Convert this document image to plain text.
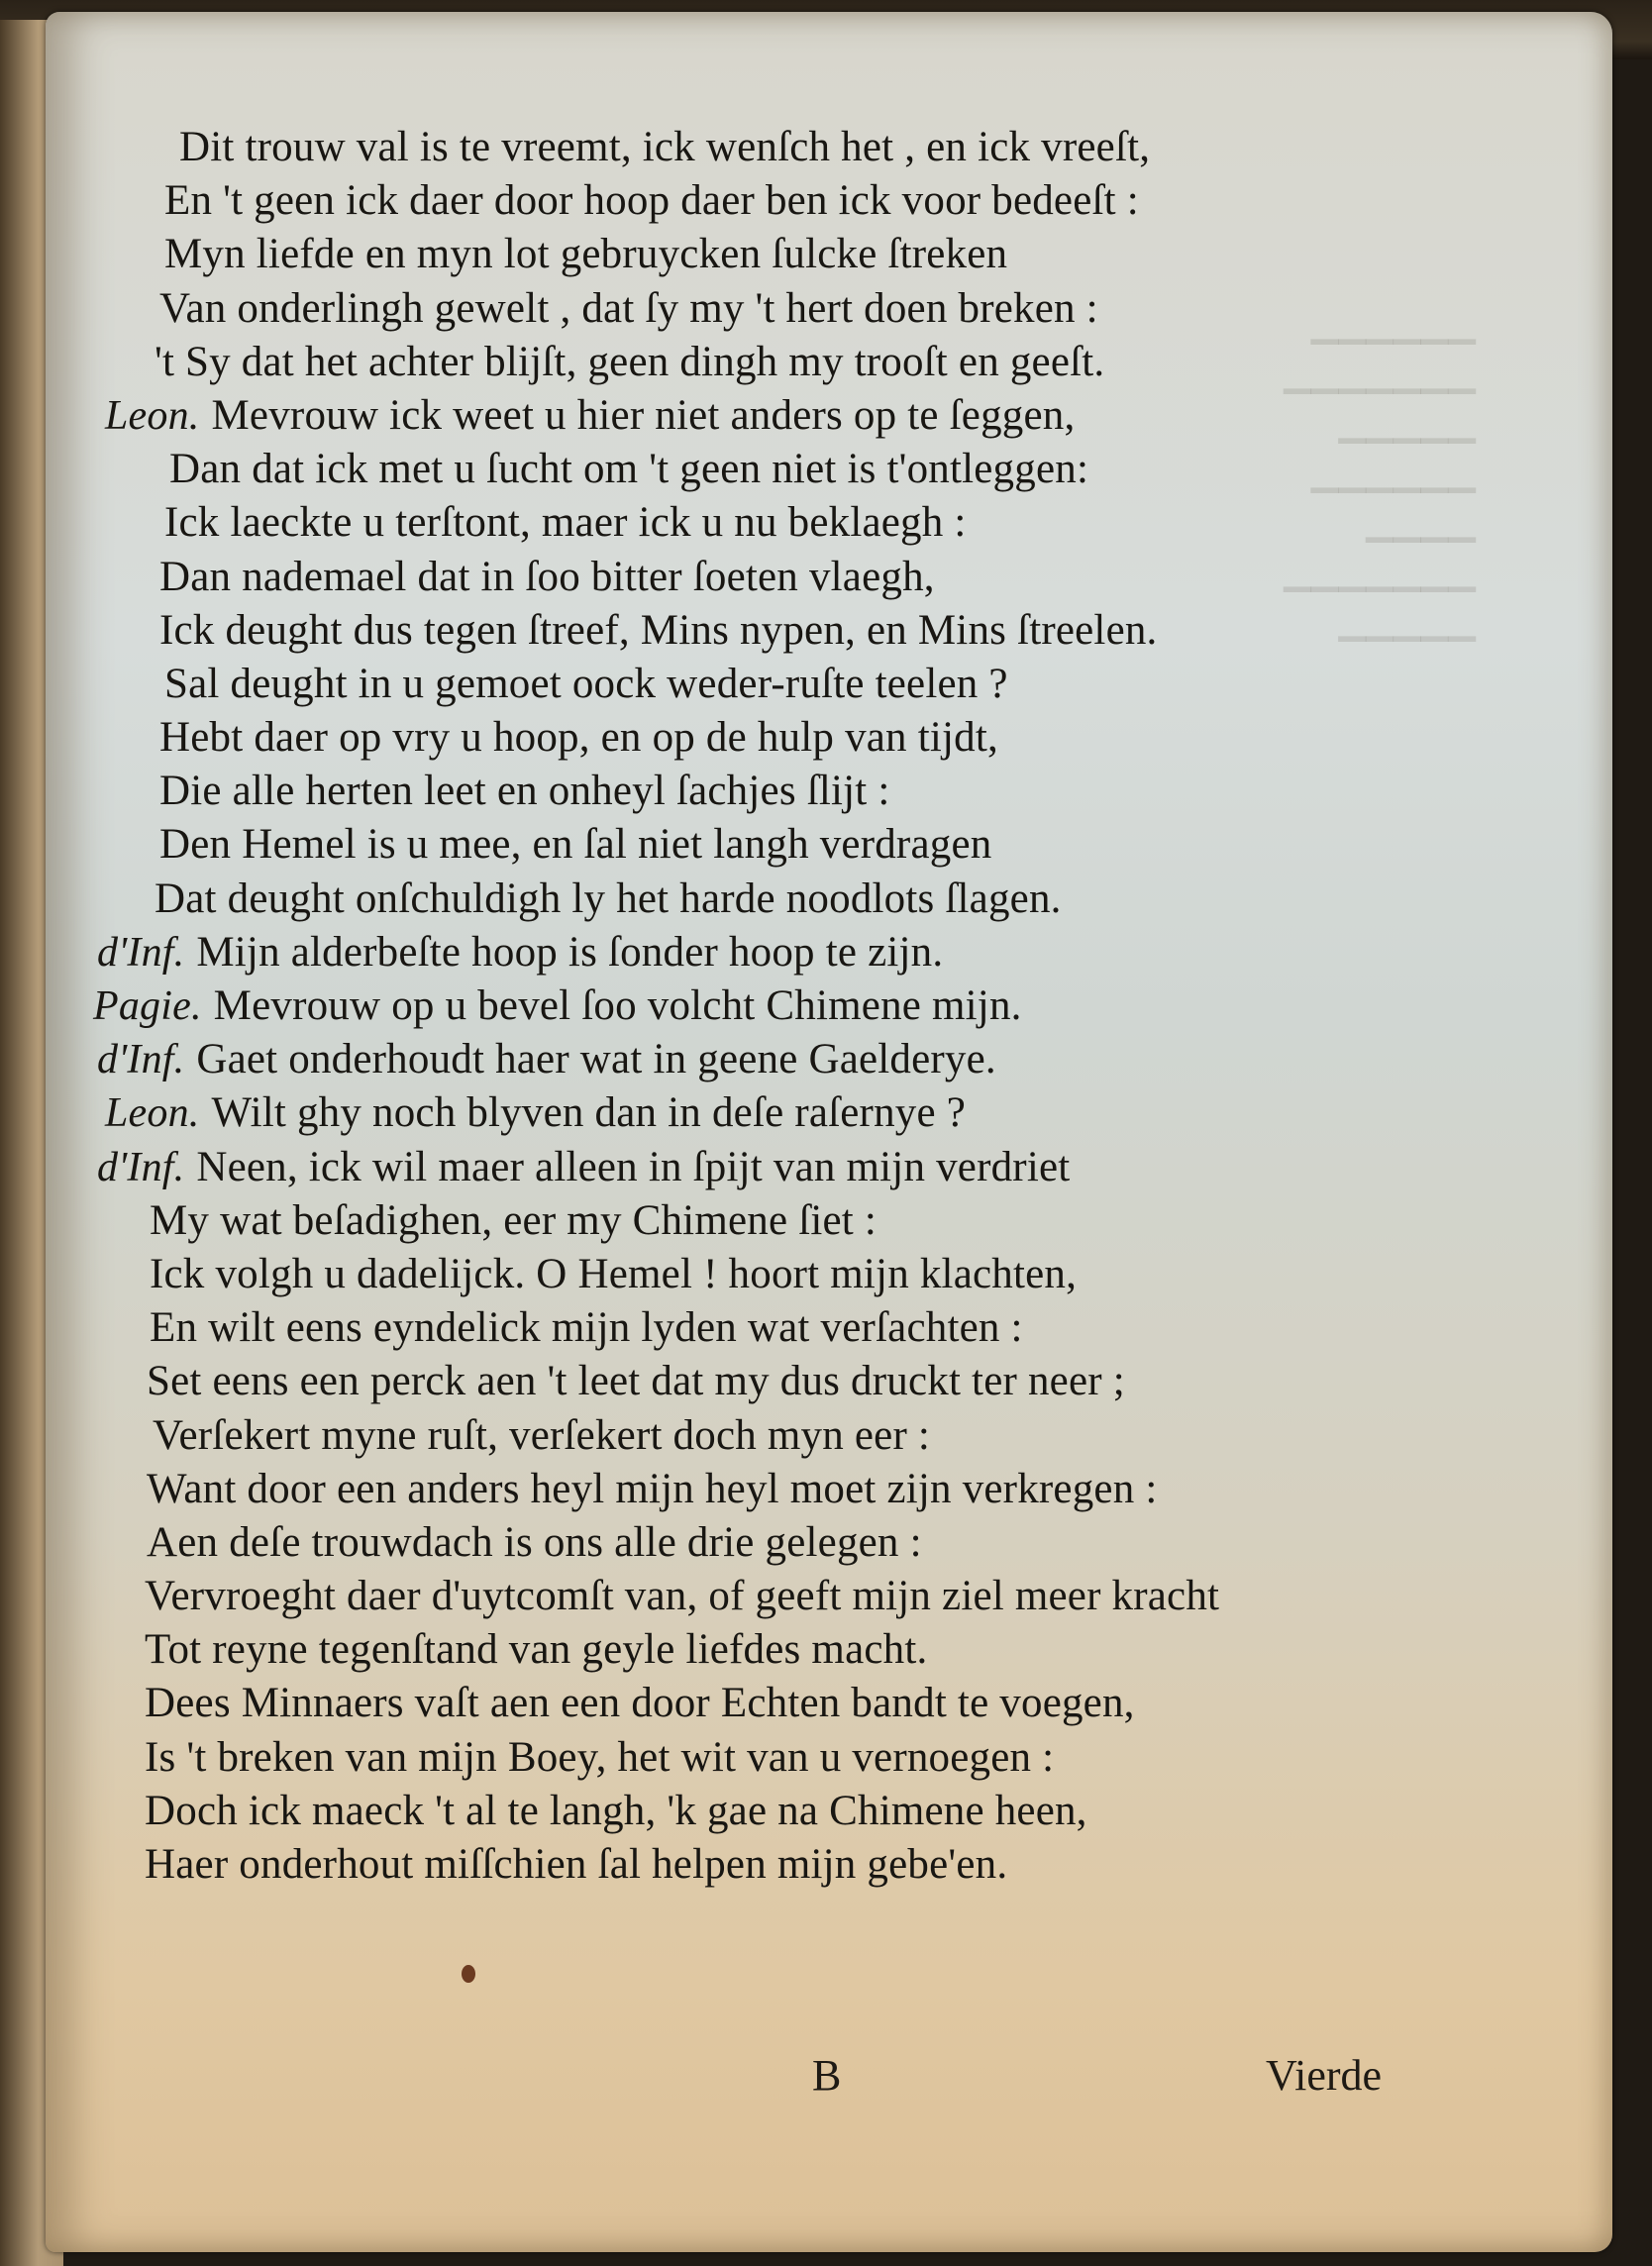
▁▁▁▁▁▁
▁▁▁▁▁▁▁
▁▁▁▁▁
▁▁▁▁▁▁
▁▁▁▁
▁▁▁▁▁▁▁
▁▁▁▁▁
Dit trouw val is te vreemt, ick wenſch het , en ick vreeſt,
En 't geen ick daer door hoop daer ben ick voor bedeeſt :
Myn liefde en myn lot gebruycken ſulcke ſtreken
Van onderlingh gewelt , dat ſy my 't hert doen breken :
't Sy dat het achter blijſt, geen dingh my trooſt en geeſt.
Leon. Mevrouw ick weet u hier niet anders op te ſeggen,
Dan dat ick met u ſucht om 't geen niet is t'ontleggen:
Ick laeckte u terſtont, maer ick u nu beklaegh :
Dan nademael dat in ſoo bitter ſoeten vlaegh,
Ick deught dus tegen ſtreef, Mins nypen, en Mins ſtreelen.
Sal deught in u gemoet oock weder-ruſte teelen ?
Hebt daer op vry u hoop, en op de hulp van tijdt,
Die alle herten leet en onheyl ſachjes ſlijt :
Den Hemel is u mee, en ſal niet langh verdragen
Dat deught onſchuldigh ly het harde noodlots ſlagen.
d'Inf. Mijn alderbeſte hoop is ſonder hoop te zijn.
Pagie. Mevrouw op u bevel ſoo volcht Chimene mijn.
d'Inf. Gaet onderhoudt haer wat in geene Gaelderye.
Leon. Wilt ghy noch blyven dan in deſe raſernye ?
d'Inf. Neen, ick wil maer alleen in ſpijt van mijn verdriet
My wat beſadighen, eer my Chimene ſiet :
Ick volgh u dadelijck. O Hemel ! hoort mijn klachten,
En wilt eens eyndelick mijn lyden wat verſachten :
Set eens een perck aen 't leet dat my dus druckt ter neer ;
Verſekert myne ruſt, verſekert doch myn eer :
Want door een anders heyl mijn heyl moet zijn verkregen :
Aen deſe trouwdach is ons alle drie gelegen :
Vervroeght daer d'uytcomſt van, of geeft mijn ziel meer kracht
Tot reyne tegenſtand van geyle liefdes macht.
Dees Minnaers vaſt aen een door Echten bandt te voegen,
Is 't breken van mijn Boey, het wit van u vernoegen :
Doch ick maeck 't al te langh, 'k gae na Chimene heen,
Haer onderhout miſſchien ſal helpen mijn gebe'en.
B	Vierde
